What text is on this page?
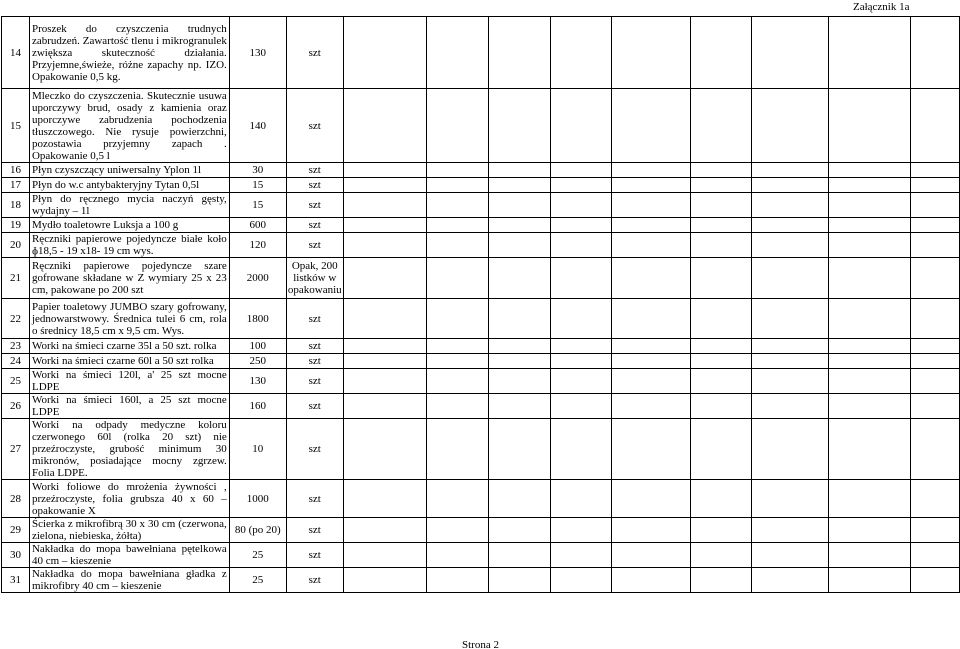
Załącznik 1a
14	Proszek do czyszczenia trudnych zabrudzeń. Zawartość tlenu i mikrogranulek zwiększa skuteczność działania. Przyjemne,świeże, różne zapachy np. IZO. Opakowanie 0,5 kg.	130	szt									
15	Mleczko do czyszczenia. Skutecznie usuwa uporczywy brud, osady z kamienia oraz uporczywe zabrudzenia pochodzenia tłuszczowego. Nie rysuje powierzchni, pozostawia przyjemny zapach . Opakowanie 0,5 l	140	szt									
16	Płyn czyszczący uniwersalny Yplon 1l	30	szt									
17	Płyn do w.c antybakteryjny Tytan 0,5l	15	szt									
18	Płyn do ręcznego mycia naczyń gęsty, wydajny – 1l	15	szt									
19	Mydło toaletowre Luksja a 100 g	600	szt									
20	Ręczniki papierowe pojedyncze białe koło ɸ18,5 - 19 x18- 19 cm wys.	120	szt									
21	Ręczniki papierowe pojedyncze szare gofrowane składane w Z wymiary 25 x 23 cm, pakowane po 200 szt	2000	Opak, 200 listków w opakowaniu									
22	Papier toaletowy JUMBO szary gofrowany, jednowarstwowy. Średnica tulei 6 cm, rola o średnicy 18,5 cm x 9,5 cm. Wys.	1800	szt									
23	Worki na śmieci czarne 35l a 50 szt. rolka	100	szt									
24	Worki na śmieci czarne 60l a 50 szt rolka	250	szt									
25	Worki na śmieci 120l, a' 25 szt mocne LDPE	130	szt									
26	Worki na śmieci 160l, a 25 szt mocne LDPE	160	szt									
27	Worki na odpady medyczne koloru czerwonego 60l (rolka 20 szt) nie przeźroczyste, grubość minimum 30 mikronów, posiadające mocny zgrzew. Folia LDPE.	10	szt									
28	Worki foliowe do mrożenia żywności , przeźroczyste, folia grubsza 40 x 60 – opakowanie X	1000	szt									
29	Ścierka z mikrofibrą 30 x 30 cm (czerwona, zielona, niebieska, żółta)	80 (po 20)	szt									
30	Nakładka do mopa bawełniana pętelkowa 40 cm – kieszenie	25	szt									
31	Nakładka do mopa bawełniana gładka z mikrofibry 40 cm – kieszenie	25	szt									
Strona 2
